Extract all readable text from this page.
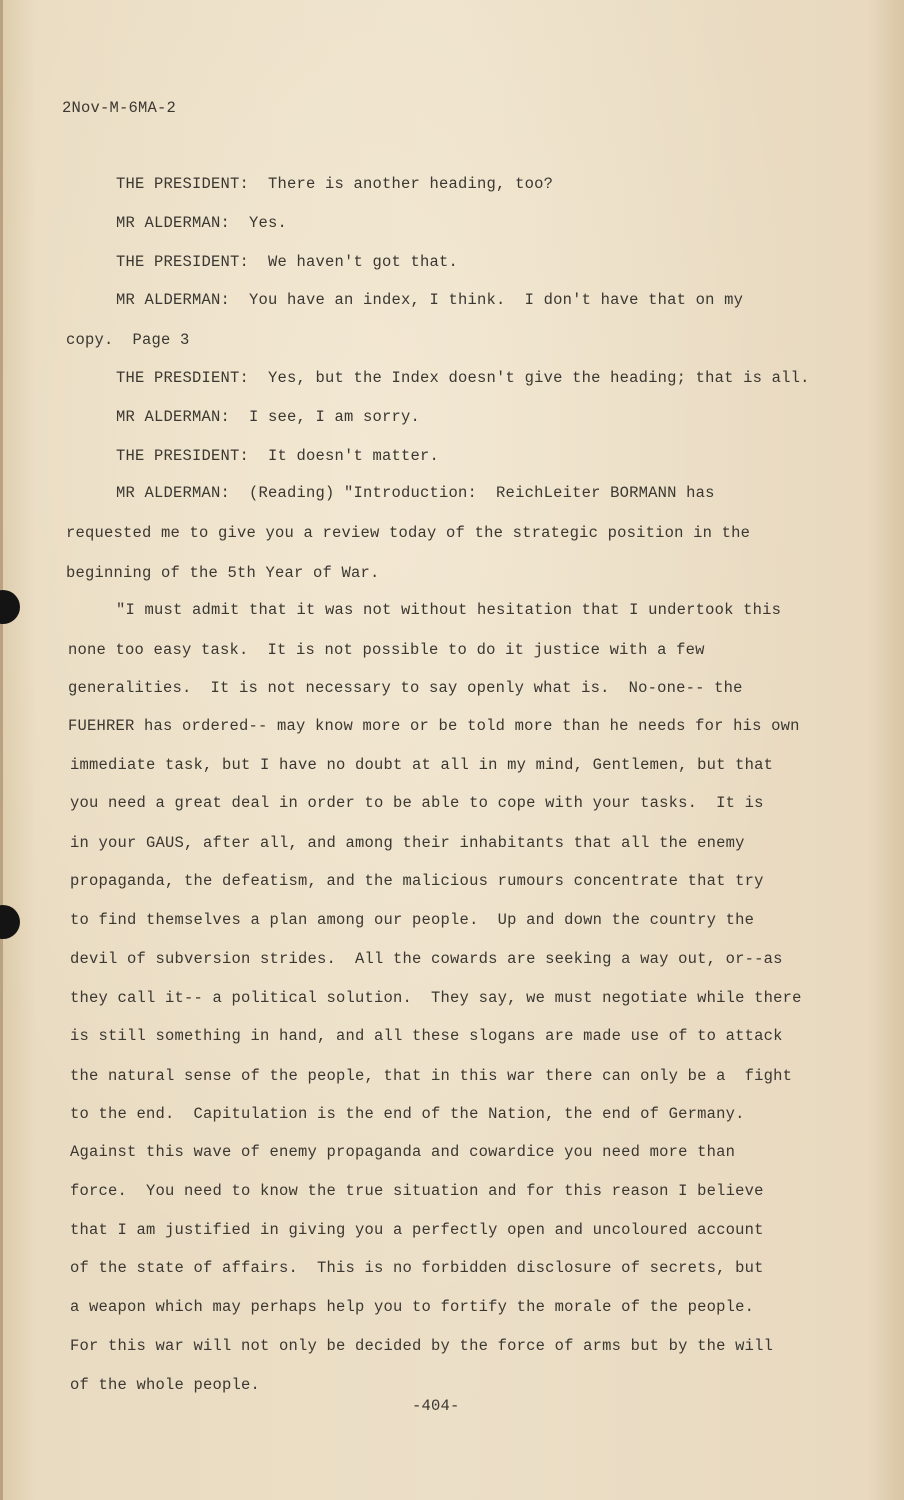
2Nov-M-6MA-2
THE PRESIDENT:  There is another heading, too?
MR ALDERMAN:  Yes.
THE PRESIDENT:  We haven't got that.
MR ALDERMAN:  You have an index, I think.  I don't have that on my
copy.  Page 3
THE PRESDIENT:  Yes, but the Index doesn't give the heading; that is all.
MR ALDERMAN:  I see, I am sorry.
THE PRESIDENT:  It doesn't matter.
MR ALDERMAN:  (Reading) "Introduction:  ReichLeiter BORMANN has
requested me to give you a review today of the strategic position in the
beginning of the 5th Year of War.
"I must admit that it was not without hesitation that I undertook this
none too easy task.  It is not possible to do it justice with a few
generalities.  It is not necessary to say openly what is.  No-one-- the
FUEHRER has ordered-- may know more or be told more than he needs for his own
immediate task, but I have no doubt at all in my mind, Gentlemen, but that
you need a great deal in order to be able to cope with your tasks.  It is
in your GAUS, after all, and among their inhabitants that all the enemy
propaganda, the defeatism, and the malicious rumours concentrate that try
to find themselves a plan among our people.  Up and down the country the
devil of subversion strides.  All the cowards are seeking a way out, or--as
they call it-- a political solution.  They say, we must negotiate while there
is still something in hand, and all these slogans are made use of to attack
the natural sense of the people, that in this war there can only be a  fight
to the end.  Capitulation is the end of the Nation, the end of Germany.
Against this wave of enemy propaganda and cowardice you need more than
force.  You need to know the true situation and for this reason I believe
that I am justified in giving you a perfectly open and uncoloured account
of the state of affairs.  This is no forbidden disclosure of secrets, but
a weapon which may perhaps help you to fortify the morale of the people.
For this war will not only be decided by the force of arms but by the will
of the whole people.
-404-
